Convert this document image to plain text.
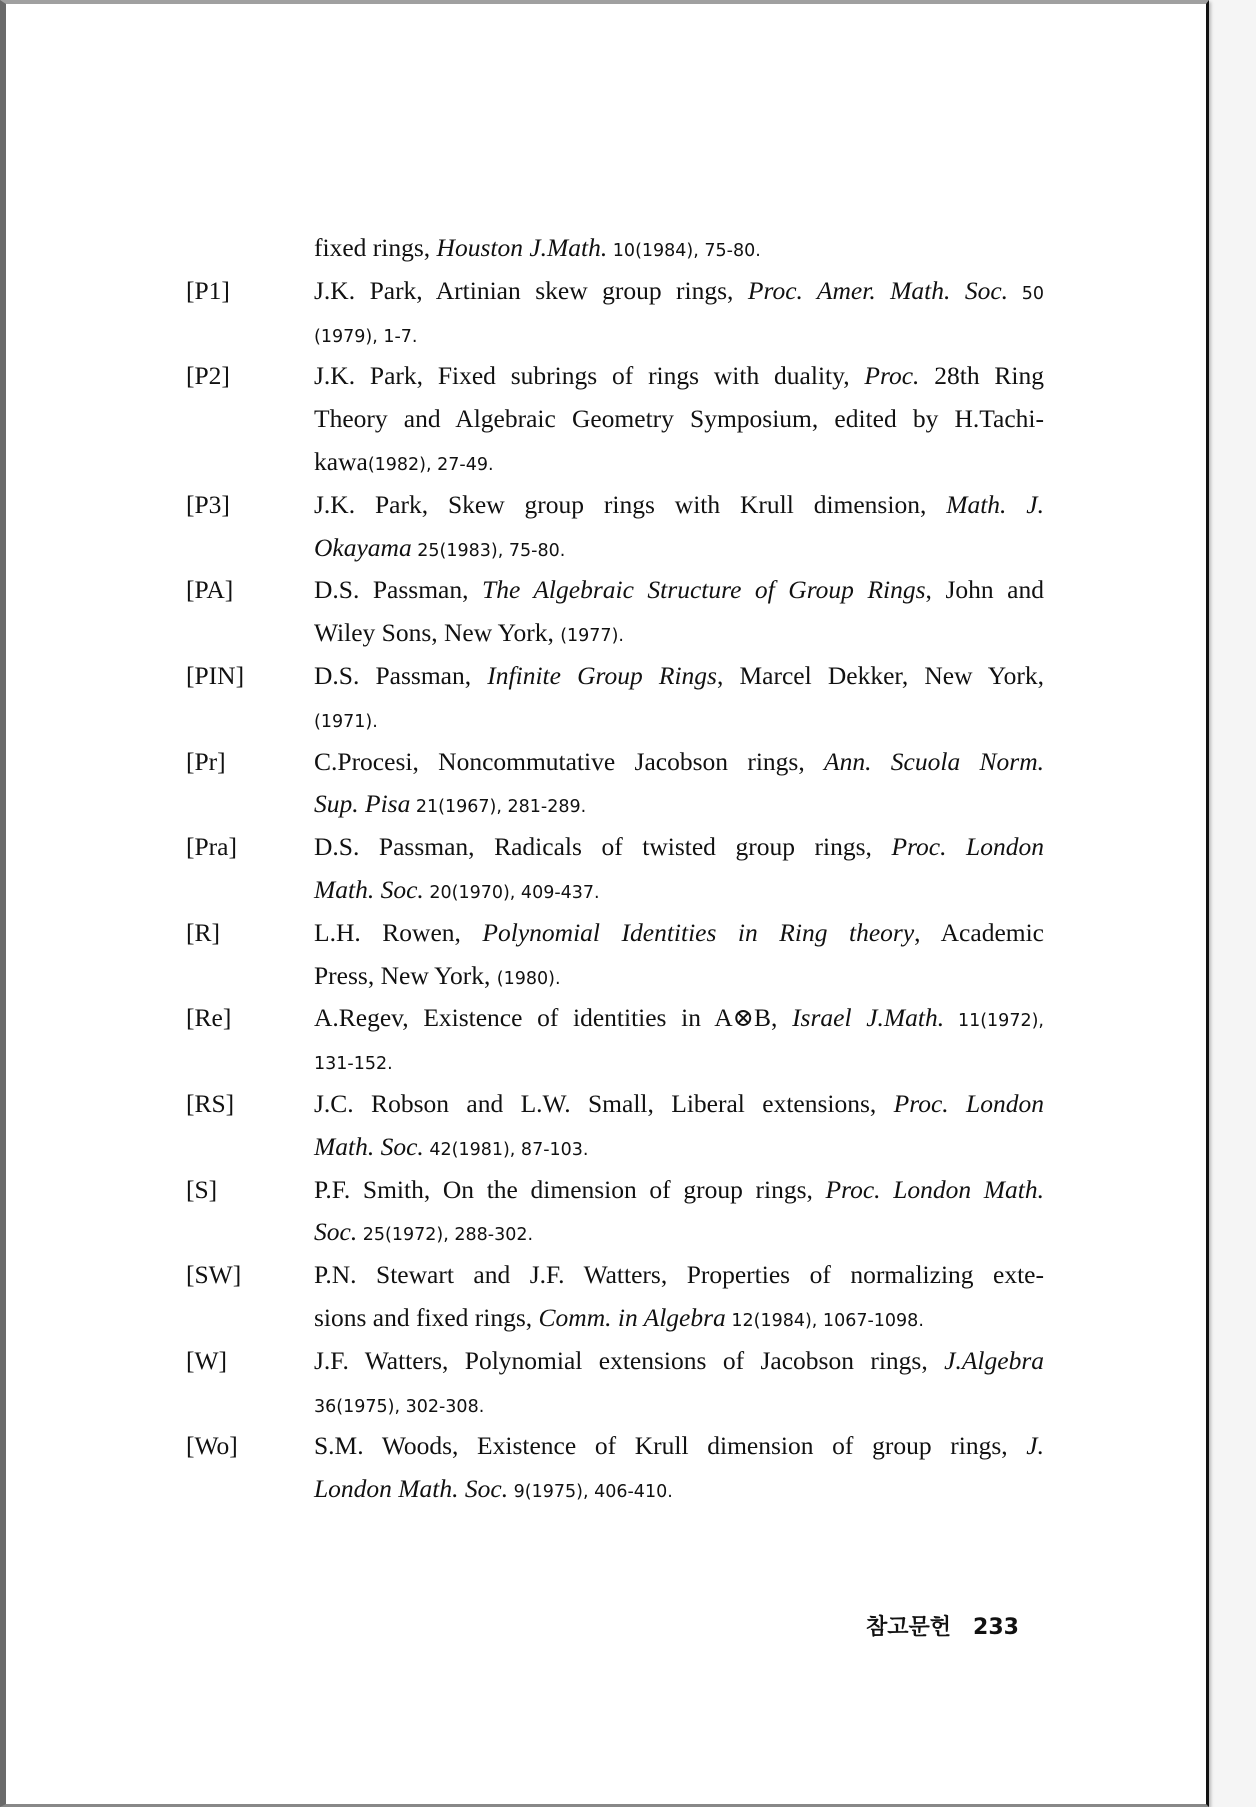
fixed rings, Houston J.Math. 10(1984), 75-80.
[P1]	J.K. Park, Artinian skew group rings, Proc. Amer. Math. Soc. 50
(1979), 1-7.
[P2]	J.K. Park, Fixed subrings of rings with duality, Proc. 28th Ring
Theory and Algebraic Geometry Symposium, edited by H.Tachi-
kawa(1982), 27-49.
[P3]	J.K. Park, Skew group rings with Krull dimension, Math. J.
Okayama 25(1983), 75-80.
[PA]	D.S. Passman, The Algebraic Structure of Group Rings, John and
Wiley Sons, New York, (1977).
[PIN]	D.S. Passman, Infinite Group Rings, Marcel Dekker, New York,
(1971).
[Pr]	C.Procesi, Noncommutative Jacobson rings, Ann. Scuola Norm.
Sup. Pisa 21(1967), 281-289.
[Pra]	D.S. Passman, Radicals of twisted group rings, Proc. London
Math. Soc. 20(1970), 409-437.
[R]	L.H. Rowen, Polynomial Identities in Ring theory, Academic
Press, New York, (1980).
[Re]	A.Regev, Existence of identities in A⊗B, Israel J.Math. 11(1972),
131-152.
[RS]	J.C. Robson and L.W. Small, Liberal extensions, Proc. London
Math. Soc. 42(1981), 87-103.
[S]	P.F. Smith, On the dimension of group rings, Proc. London Math.
Soc. 25(1972), 288-302.
[SW]	P.N. Stewart and J.F. Watters, Properties of normalizing exte-
sions and fixed rings, Comm. in Algebra 12(1984), 1067-1098.
[W]	J.F. Watters, Polynomial extensions of Jacobson rings, J.Algebra
36(1975), 302-308.
[Wo]	S.M. Woods, Existence of Krull dimension of group rings, J.
London Math. Soc. 9(1975), 406-410.
참고문헌 233
